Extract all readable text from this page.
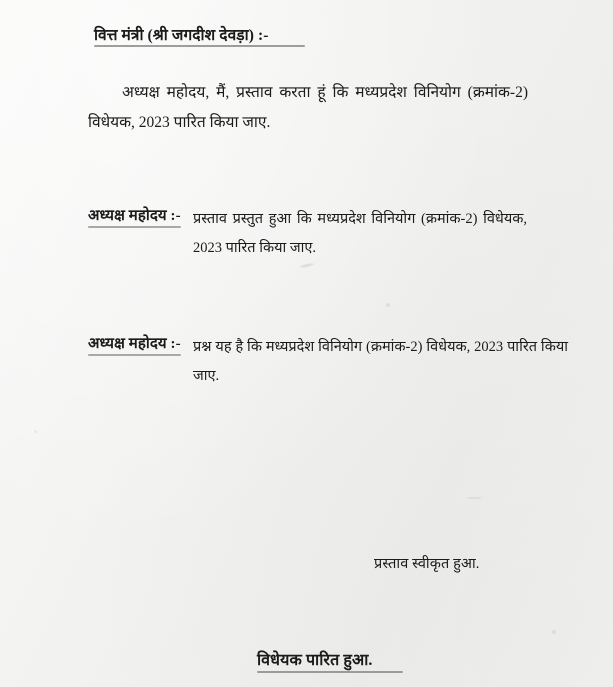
वित्त मंत्री (श्री जगदीश देवड़ा) :-
अध्यक्ष महोदय, मैं, प्रस्ताव करता हूं कि मध्यप्रदेश विनियोग (क्रमांक-2) विधेयक, 2023 पारित किया जाए.
अध्यक्ष महोदय :- प्रस्ताव प्रस्तुत हुआ कि मध्यप्रदेश विनियोग (क्रमांक-2) विधेयक, 2023 पारित किया जाए.
अध्यक्ष महोदय :- प्रश्न यह है कि मध्यप्रदेश विनियोग (क्रमांक-2) विधेयक, 2023 पारित किया जाए.
प्रस्ताव स्वीकृत हुआ.
विधेयक पारित हुआ.
